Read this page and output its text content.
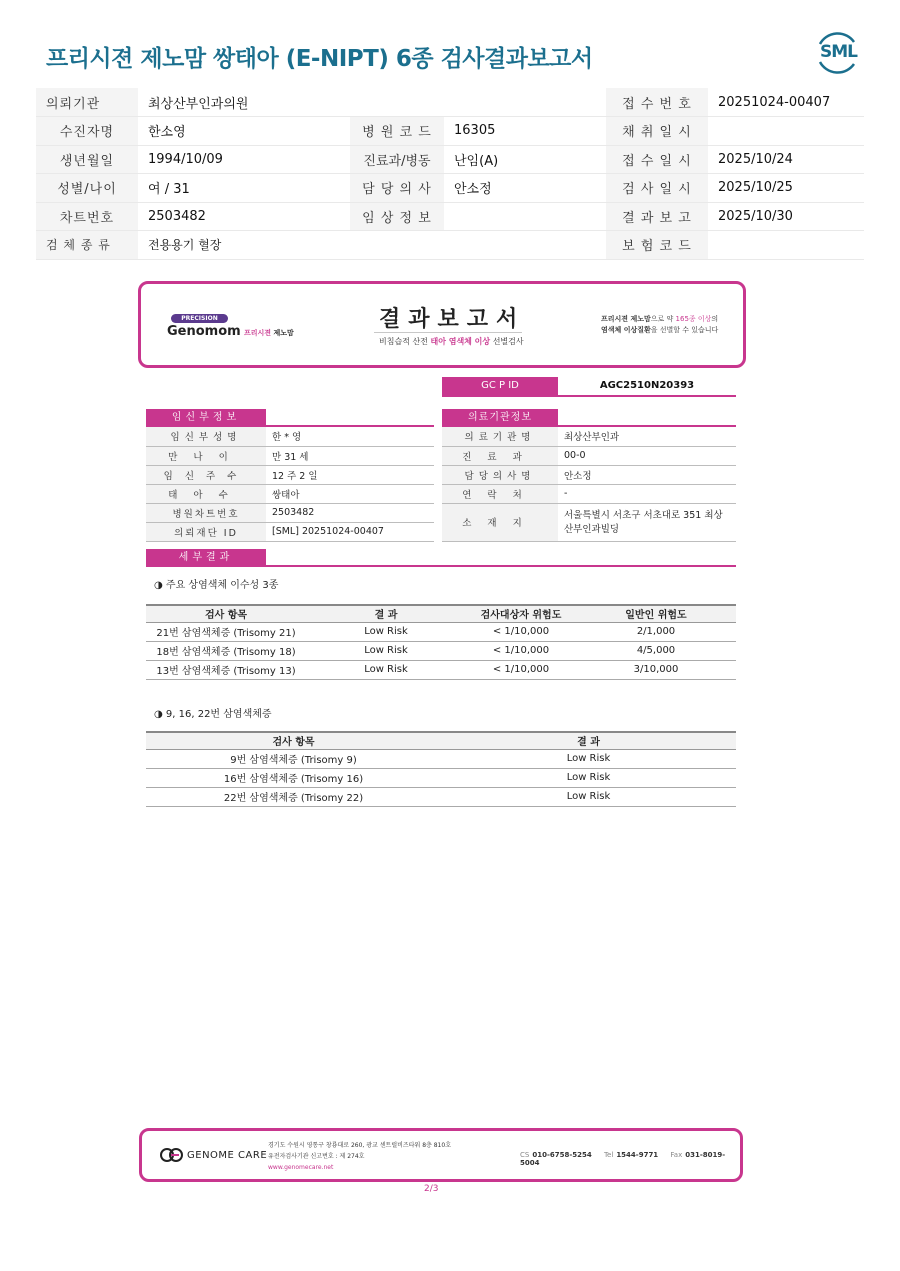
프리시젼 제노맘 쌍태아 (E-NIPT) 6종 검사결과보고서	SML
의뢰기관	최상산부인과의원			접 수 번 호	20251024-00407
수진자명	한소영	병 원 코 드	16305	채 취 일 시	
생년월일	1994/10/09	진료과/병동	난임(A)	접 수 일 시	2025/10/24
성별/나이	여 / 31	담 당 의 사	안소정	검 사 일 시	2025/10/25
차트번호	2503482	임 상 정 보		결 과 보 고	2025/10/30
검 체 종 류	전용용기 혈장			보 험 코 드	
PRECISION
Genomom 프리시젼 제노맘
결과보고서
비침습적 산전 태아 염색체 이상 선별검사
프리시젼 제노맘으로 약 165종 이상의
염색체 이상질환을 선별할 수 있습니다
GC P ID	AGC2510N20393
임신부정보
임신부성명	한 * 영
만나이	만 31 세
임신주수	12 주 2 일
태아수	쌍태아
병원차트번호	2503482
의뢰재단 ID	[SML] 20251024-00407
의료기관정보
의료기관명	최상산부인과
진료과	00-0
담당의사명	안소정
연락처	-
소재지	서울특별시 서초구 서초대로 351 최상산부인과빌딩
세부결과
◑ 주요 상염색체 이수성 3종
검사 항목	결 과	검사대상자 위험도	일반인 위험도
21번 삼염색체증 (Trisomy 21)	Low Risk	< 1/10,000	2/1,000
18번 삼염색체증 (Trisomy 18)	Low Risk	< 1/10,000	4/5,000
13번 삼염색체증 (Trisomy 13)	Low Risk	< 1/10,000	3/10,000
◑ 9, 16, 22번 삼염색체증
검사 항목	결 과
9번 삼염색체증 (Trisomy 9)	Low Risk
16번 삼염색체증 (Trisomy 16)	Low Risk
22번 삼염색체증 (Trisomy 22)	Low Risk
GENOME CARE
경기도 수원시 영통구 창룡대로 260, 광교 센트럴비즈타워 8층 810호
유전자검사기관 신고번호 : 제 274호
www.genomecare.net
CS 010-6758-5254 Tel 1544-9771 Fax 031-8019-5004
2/3
